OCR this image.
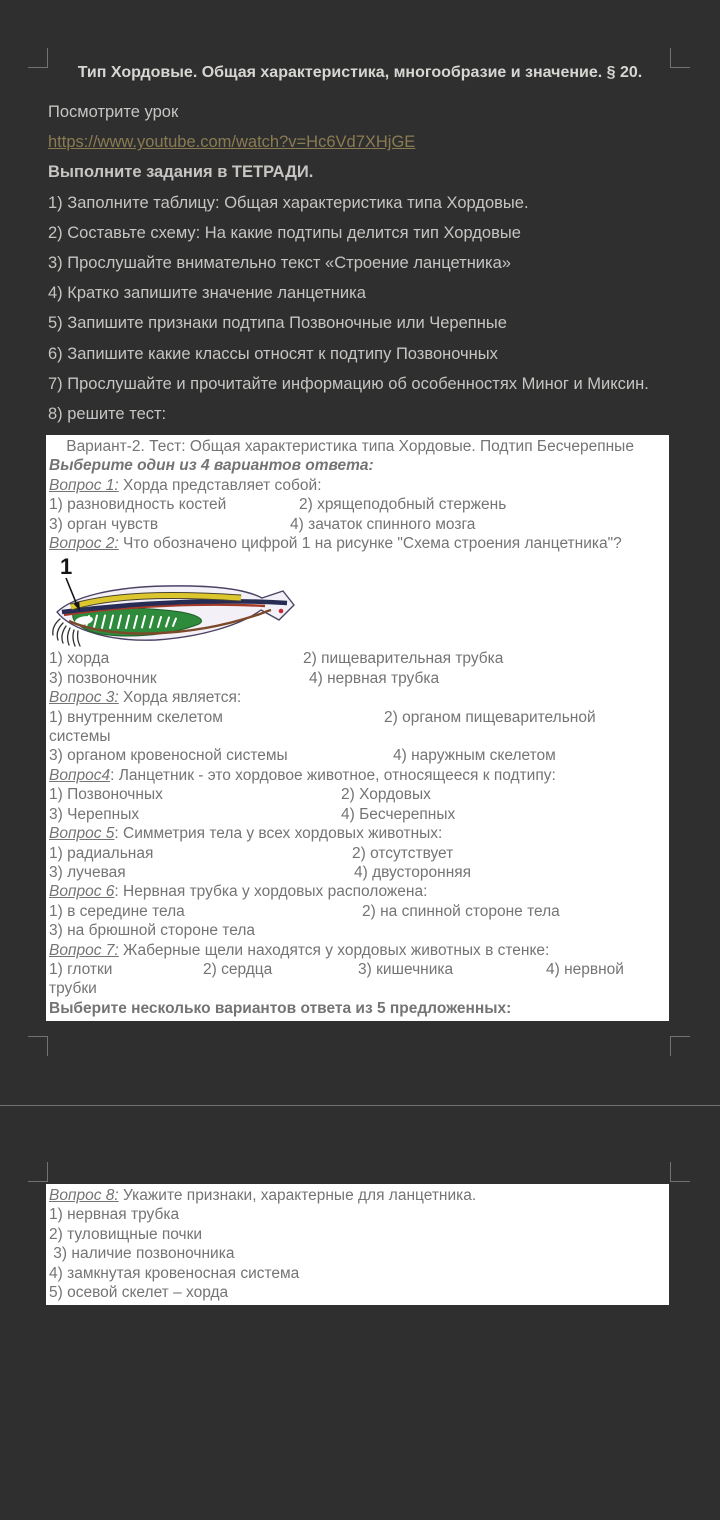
Тип Хордовые. Общая характеристика, многообразие и значение. § 20.
Посмотрите урок
https://www.youtube.com/watch?v=Hc6Vd7XHjGE
Выполните задания в ТЕТРАДИ.
1) Заполните таблицу: Общая характеристика типа Хордовые.
2) Составьте схему: На какие подтипы делится тип Хордовые
3) Прослушайте внимательно текст «Строение ланцетника»
4) Кратко запишите значение ланцетника
5) Запишите признаки подтипа Позвоночные или Черепные
6) Запишите какие классы относят к подтипу Позвоночных
7) Прослушайте и прочитайте информацию об особенностях Миног и Миксин.
8) решите тест:
Вариант-2. Тест: Общая характеристика типа Хордовые. Подтип Бесчерепные
Выберите один из 4 вариантов ответа:
Вопрос 1: Хорда представляет собой:
1) разновидность костей	2) хрящеподобный стержень
3) орган чувств	4) зачаток спинного мозга
Вопрос 2: Что обозначено цифрой 1 на рисунке "Схема строения ланцетника"?
1
1) хорда	2) пищеварительная трубка
3) позвоночник	4) нервная трубка
Вопрос 3: Хорда является:
1) внутренним скелетом	2) органом пищеварительной
системы
3) органом кровеносной системы	4) наружным скелетом
Вопрос4: Ланцетник - это хордовое животное, относящееся к подтипу:
1) Позвоночных	2) Хордовых
3) Черепных	4) Бесчерепных
Вопрос 5: Симметрия тела у всех хордовых животных:
1) радиальная	2) отсутствует
3) лучевая	4) двусторонняя
Вопрос 6: Нервная трубка у хордовых расположена:
1) в середине тела	2) на спинной стороне тела
3) на брюшной стороне тела
Вопрос 7: Жаберные щели находятся у хордовых животных в стенке:
1) глотки	2) сердца	3) кишечника	4) нервной
трубки
Выберите несколько вариантов ответа из 5 предложенных:
Вопрос 8: Укажите признаки, характерные для ланцетника.
1) нервная трубка
2) туловищные почки
3) наличие позвоночника
4) замкнутая кровеносная система
5) осевой скелет – хорда
